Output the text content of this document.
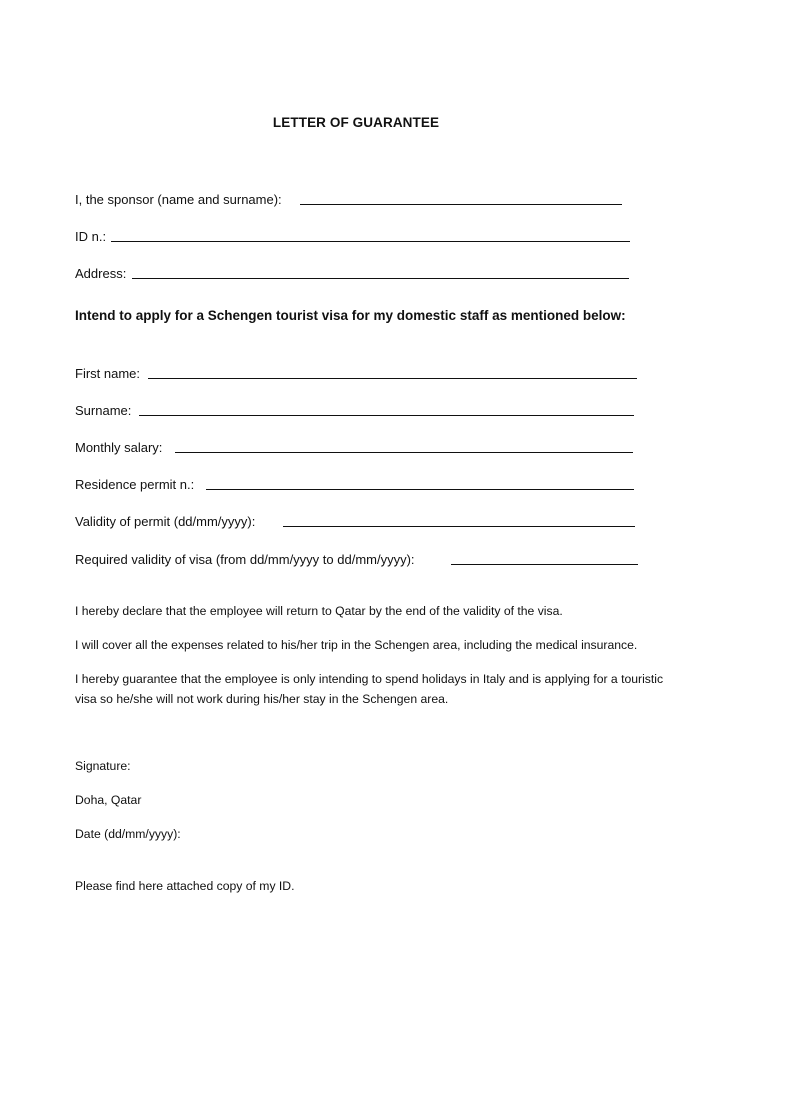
LETTER OF GUARANTEE
I, the sponsor (name and surname):
ID n.:
Address:
Intend to apply for a Schengen tourist visa for my domestic staff as mentioned below:
First name:
Surname:
Monthly salary:
Residence permit n.:
Validity of permit (dd/mm/yyyy):
Required validity of visa (from dd/mm/yyyy to dd/mm/yyyy):
I hereby declare that the employee will return to Qatar by the end of the validity of the visa.
I will cover all the expenses related to his/her trip in the Schengen area, including the medical insurance.
I hereby guarantee that the employee is only intending to spend holidays in Italy and is applying for a touristic visa so he/she will not work during his/her stay in the Schengen area.
Signature:
Doha, Qatar
Date (dd/mm/yyyy):
Please find here attached copy of my ID.
